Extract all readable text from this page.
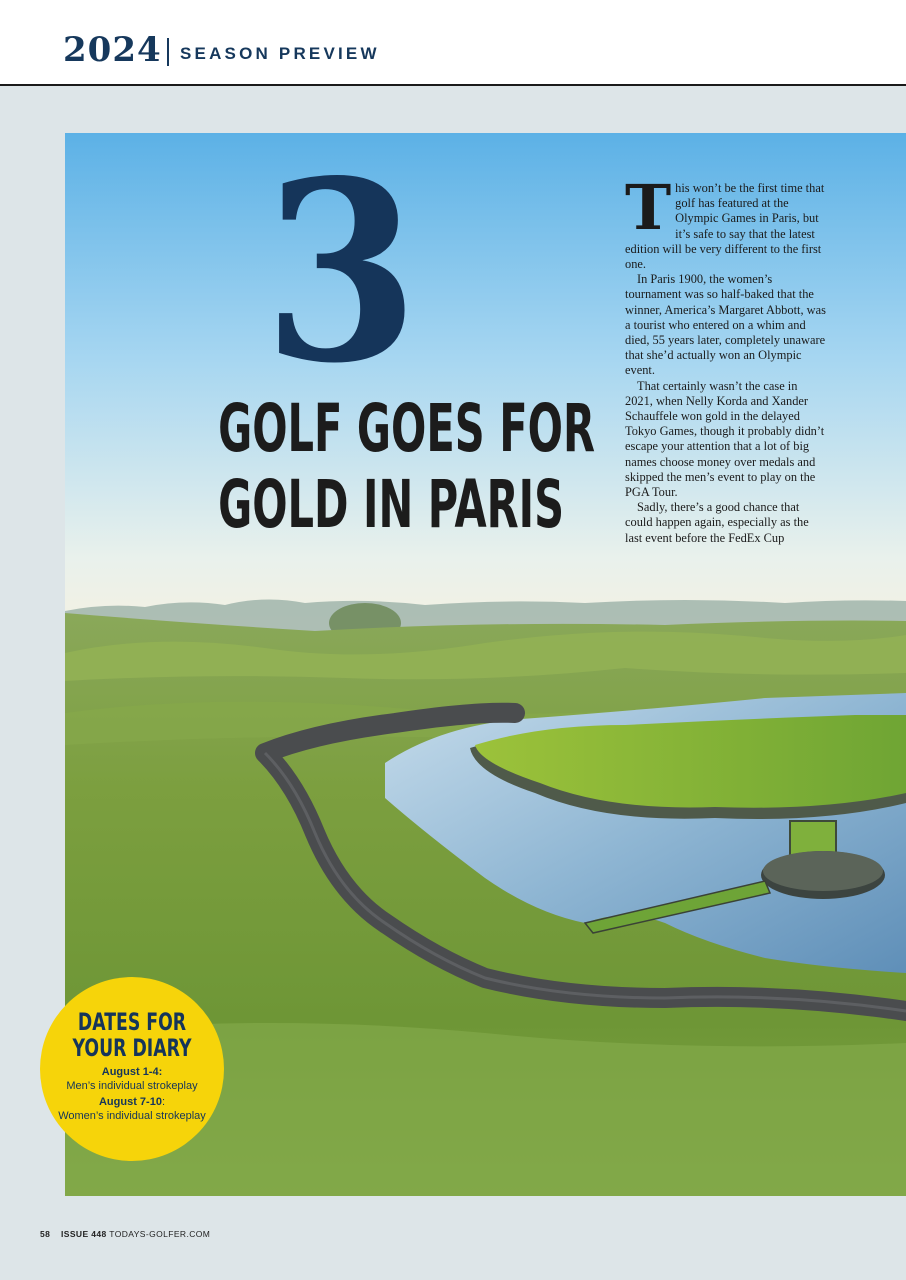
2024 SEASON PREVIEW
3
GOLF GOES FOR
GOLD IN PARIS

This won’t be the first time that golf has featured at the Olympic Games in Paris, but it’s safe to say that the latest edition will be very different to the first one.

In Paris 1900, the women’s tournament was so half-baked that the winner, America’s Margaret Abbott, was a tourist who entered on a whim and died, 55 years later, completely unaware that she’d actually won an Olympic event.

That certainly wasn’t the case in 2021, when Nelly Korda and Xander Schauffele won gold in the delayed Tokyo Games, though it probably didn’t escape your attention that a lot of big names choose money over medals and skipped the men’s event to play on the PGA Tour.

Sadly, there’s a good chance that could happen again, especially as the last event before the FedEx Cup

DATES FOR
YOUR DIARY
August 1-4:
Men’s individual strokeplay
August 7-10:
Women’s individual strokeplay
58 ISSUE 448 TODAYS-GOLFER.COM
